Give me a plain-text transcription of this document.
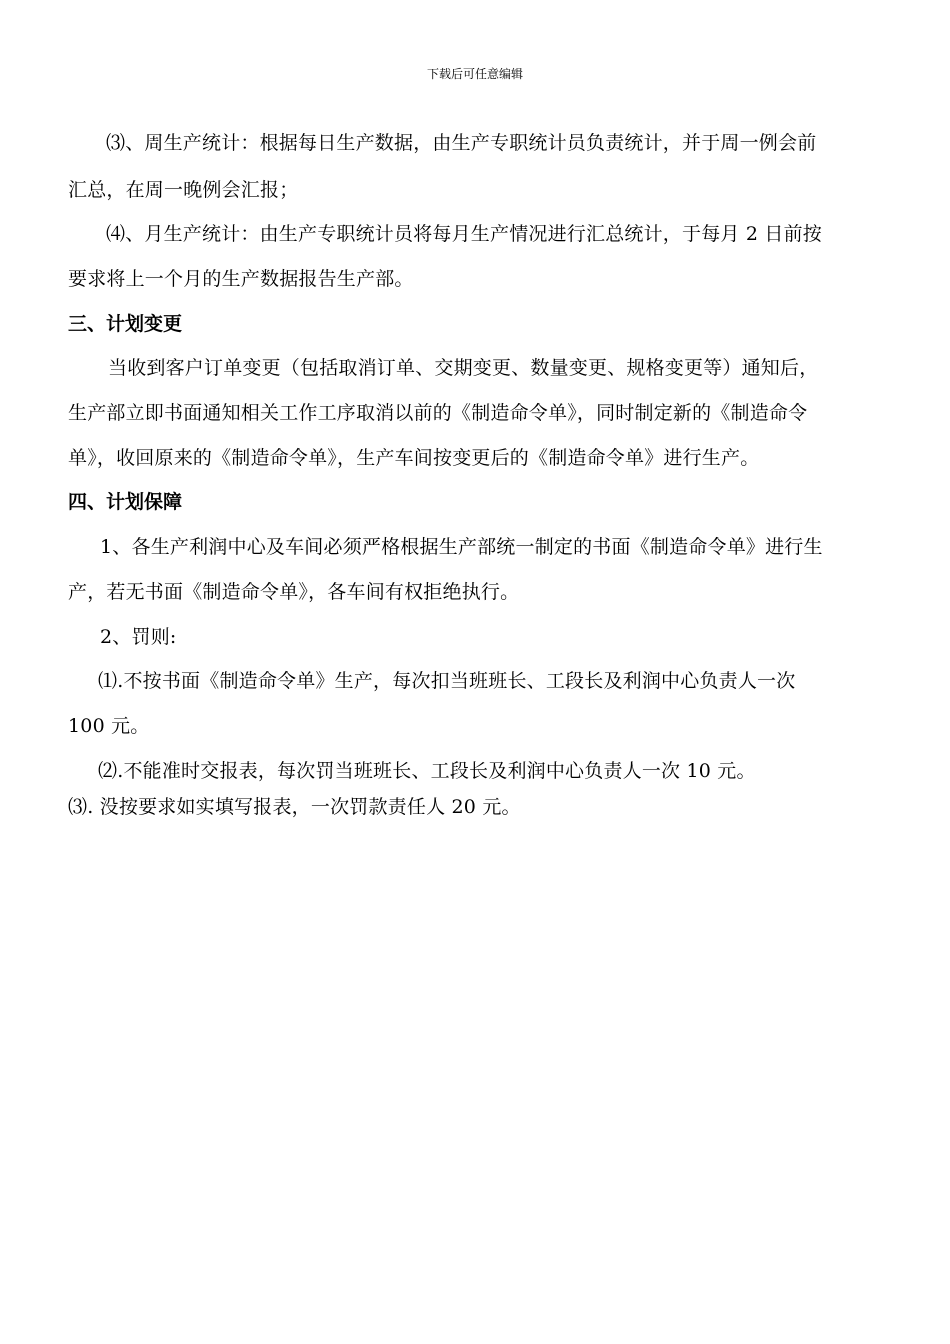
下载后可任意编辑
⑶、周生产统计：根据每日生产数据，由生产专职统计员负责统计，并于周一例会前
汇总，在周一晚例会汇报；
⑷、月生产统计：由生产专职统计员将每月生产情况进行汇总统计，于每月 2 日前按
要求将上一个月的生产数据报告生产部。
三、计划变更
当收到客户订单变更（包括取消订单、交期变更、数量变更、规格变更等）通知后，
生产部立即书面通知相关工作工序取消以前的《制造命令单》，同时制定新的《制造命令
单》，收回原来的《制造命令单》，生产车间按变更后的《制造命令单》进行生产。
四、计划保障
1、各生产利润中心及车间必须严格根据生产部统一制定的书面《制造命令单》进行生
产，若无书面《制造命令单》，各车间有权拒绝执行。
2、罚则:
⑴.不按书面《制造命令单》生产，每次扣当班班长、工段长及利润中心负责人一次
100 元。
⑵.不能准时交报表，每次罚当班班长、工段长及利润中心负责人一次 10 元。
⑶. 没按要求如实填写报表，一次罚款责任人 20 元。
